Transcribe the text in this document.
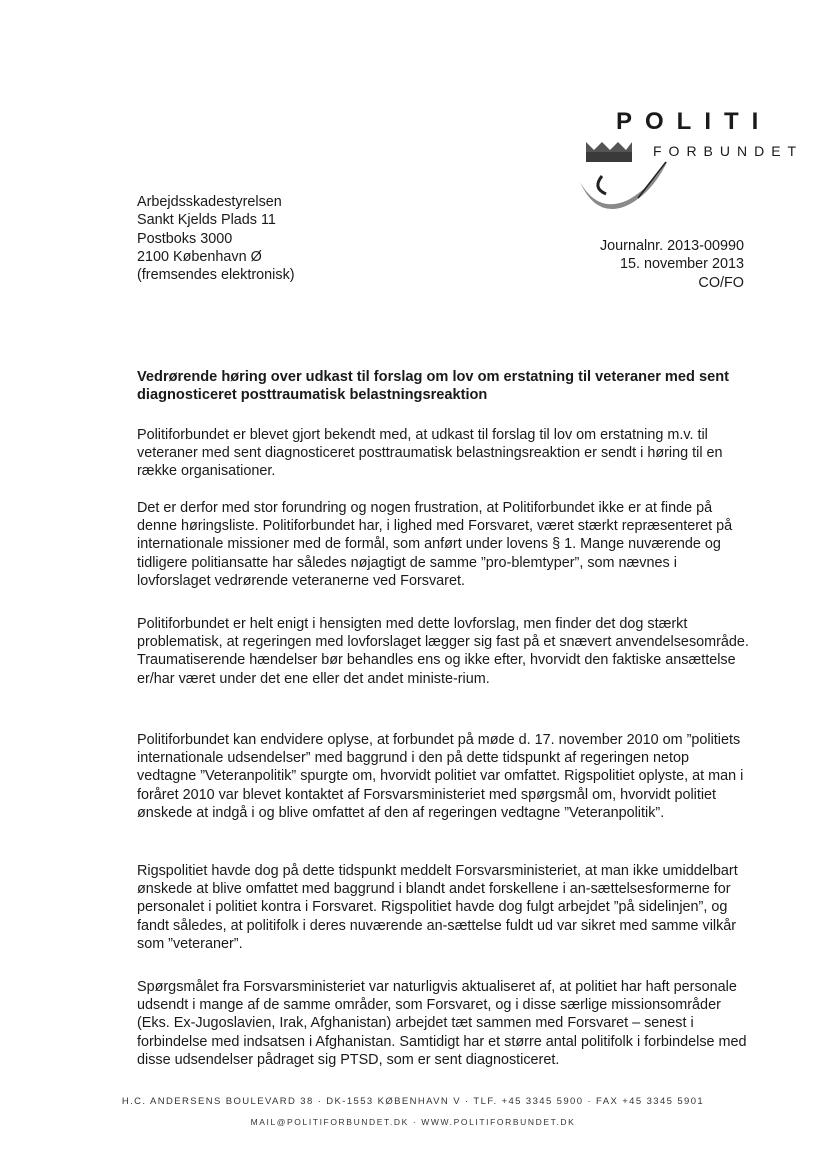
POLITI
FORBUNDET
Arbejdsskadestyrelsen
Sankt Kjelds Plads 11
Postboks 3000
2100 København Ø
(fremsendes elektronisk)
Journalnr. 2013-00990
15. november 2013
CO/FO
Vedrørende høring over udkast til forslag om lov om erstatning til veteraner med sent diagnosticeret posttraumatisk belastningsreaktion
Politiforbundet er blevet gjort bekendt med, at udkast til forslag til lov om erstatning m.v. til veteraner med sent diagnosticeret posttraumatisk belastningsreaktion er sendt i høring til en række organisationer.
Det er derfor med stor forundring og nogen frustration, at Politiforbundet ikke er at finde på denne høringsliste. Politiforbundet har, i lighed med Forsvaret, været stærkt repræsenteret på internationale missioner med de formål, som anført under lovens § 1. Mange nuværende og tidligere politiansatte har således nøjagtigt de samme ”pro-blemtyper”, som nævnes i lovforslaget vedrørende veteranerne ved Forsvaret.
Politiforbundet er helt enigt i hensigten med dette lovforslag, men finder det dog stærkt problematisk, at regeringen med lovforslaget lægger sig fast på et snævert anvendelsesområde. Traumatiserende hændelser bør behandles ens og ikke efter, hvorvidt den faktiske ansættelse er/har været under det ene eller det andet ministe-rium.
Politiforbundet kan endvidere oplyse, at forbundet på møde d. 17. november 2010 om ”politiets internationale udsendelser” med baggrund i den på dette tidspunkt af regeringen netop vedtagne ”Veteranpolitik” spurgte om, hvorvidt politiet var omfattet. Rigspolitiet oplyste, at man i foråret 2010 var blevet kontaktet af Forsvarsministeriet med spørgsmål om, hvorvidt politiet ønskede at indgå i og blive omfattet af den af regeringen vedtagne ”Veteranpolitik”.
Rigspolitiet havde dog på dette tidspunkt meddelt Forsvarsministeriet, at man ikke umiddelbart ønskede at blive omfattet med baggrund i blandt andet forskellene i an-sættelsesformerne for personalet i politiet kontra i Forsvaret. Rigspolitiet havde dog fulgt arbejdet ”på sidelinjen”, og fandt således, at politifolk i deres nuværende an-sættelse fuldt ud var sikret med samme vilkår som ”veteraner”.
Spørgsmålet fra Forsvarsministeriet var naturligvis aktualiseret af, at politiet har haft personale udsendt i mange af de samme områder, som Forsvaret, og i disse særlige missionsområder (Eks. Ex-Jugoslavien, Irak, Afghanistan) arbejdet tæt sammen med Forsvaret – senest i forbindelse med indsatsen i Afghanistan. Samtidigt har et større antal politifolk i forbindelse med disse udsendelser pådraget sig PTSD, som er sent diagnosticeret.
H.C. ANDERSENS BOULEVARD 38 · DK-1553 KØBENHAVN V · TLF. +45 3345 5900 · FAX +45 3345 5901
MAIL@POLITIFORBUNDET.DK · WWW.POLITIFORBUNDET.DK
